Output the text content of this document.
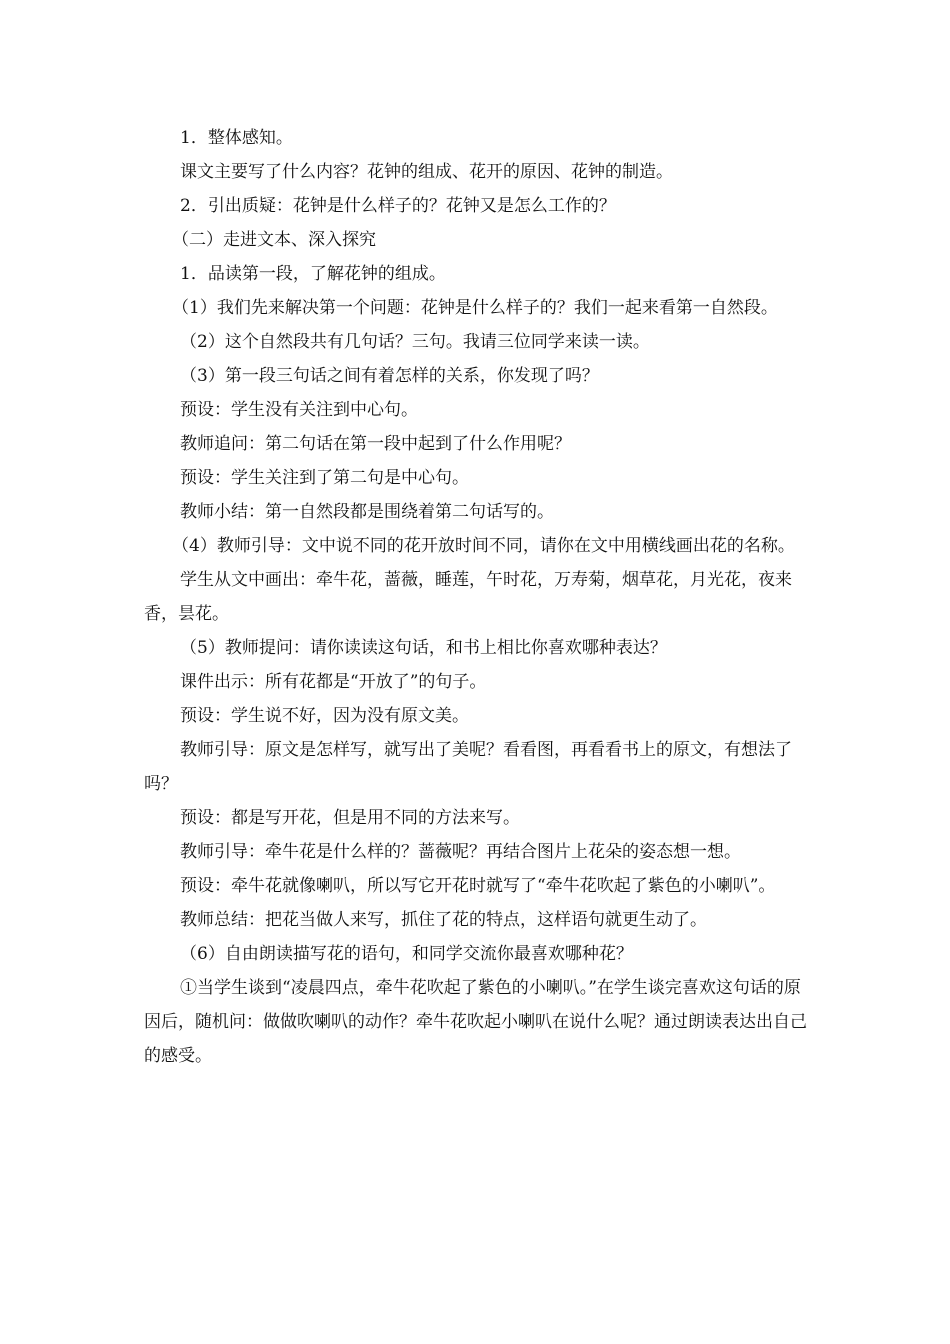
1．整体感知。

课文主要写了什么内容？花钟的组成、花开的原因、花钟的制造。

2．引出质疑：花钟是什么样子的？花钟又是怎么工作的？

（二）走进文本、深入探究

1．品读第一段，了解花钟的组成。

（1）我们先来解决第一个问题：花钟是什么样子的？我们一起来看第一自然段。

（2）这个自然段共有几句话？三句。我请三位同学来读一读。

（3）第一段三句话之间有着怎样的关系，你发现了吗？

预设：学生没有关注到中心句。

教师追问：第二句话在第一段中起到了什么作用呢？

预设：学生关注到了第二句是中心句。

教师小结：第一自然段都是围绕着第二句话写的。

（4）教师引导：文中说不同的花开放时间不同，请你在文中用横线画出花的名称。

学生从文中画出：牵牛花，蔷薇，睡莲，午时花，万寿菊，烟草花，月光花，夜来香，昙花。

（5）教师提问：请你读读这句话，和书上相比你喜欢哪种表达？

课件出示：所有花都是“开放了”的句子。

预设：学生说不好，因为没有原文美。

教师引导：原文是怎样写，就写出了美呢？看看图，再看看书上的原文，有想法了吗？

预设：都是写开花，但是用不同的方法来写。

教师引导：牵牛花是什么样的？蔷薇呢？再结合图片上花朵的姿态想一想。

预设：牵牛花就像喇叭，所以写它开花时就写了“牵牛花吹起了紫色的小喇叭”。

教师总结：把花当做人来写，抓住了花的特点，这样语句就更生动了。

（6）自由朗读描写花的语句，和同学交流你最喜欢哪种花？

①当学生谈到“凌晨四点，牵牛花吹起了紫色的小喇叭。”在学生谈完喜欢这句话的原因后，随机问：做做吹喇叭的动作？牵牛花吹起小喇叭在说什么呢？通过朗读表达出自己的感受。
